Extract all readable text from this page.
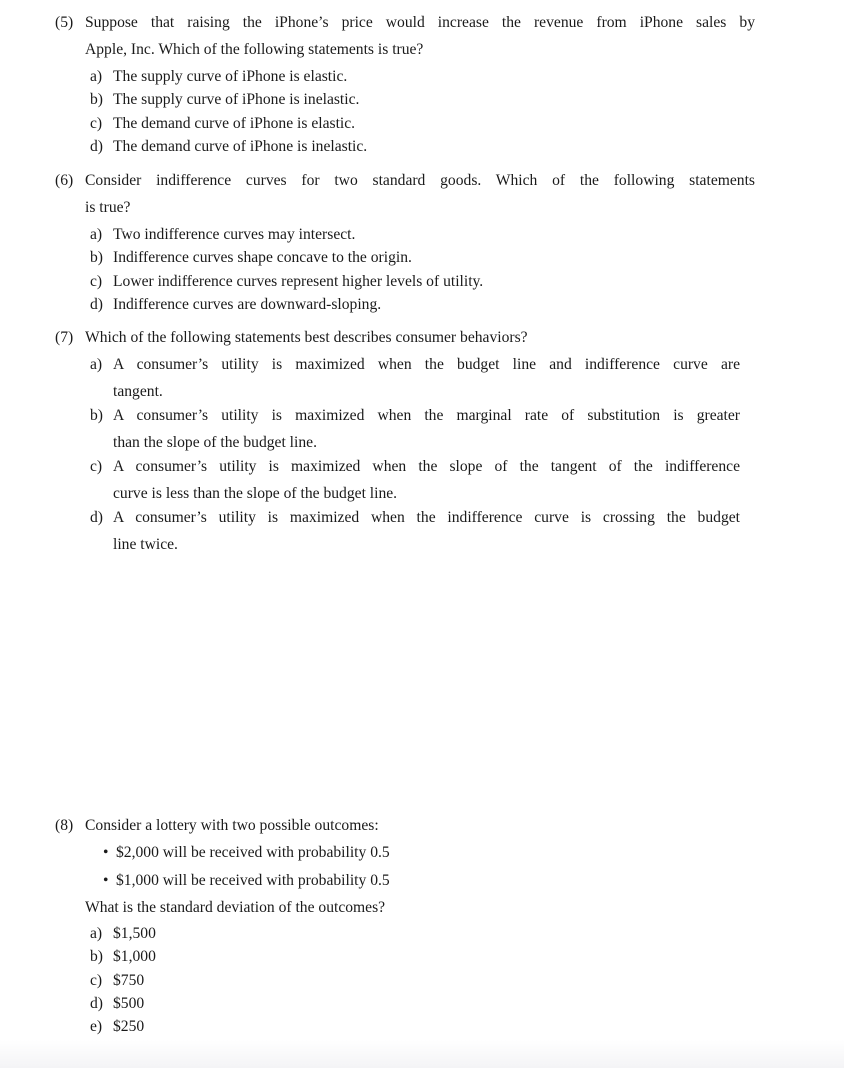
(5) Suppose that raising the iPhone’s price would increase the revenue from iPhone sales by
Apple, Inc. Which of the following statements is true?
a) The supply curve of iPhone is elastic.
b) The supply curve of iPhone is inelastic.
c) The demand curve of iPhone is elastic.
d) The demand curve of iPhone is inelastic.
(6) Consider indifference curves for two standard goods. Which of the following statements
is true?
a) Two indifference curves may intersect.
b) Indifference curves shape concave to the origin.
c) Lower indifference curves represent higher levels of utility.
d) Indifference curves are downward-sloping.
(7) Which of the following statements best describes consumer behaviors?
a) A consumer’s utility is maximized when the budget line and indifference curve are
tangent.
b) A consumer’s utility is maximized when the marginal rate of substitution is greater
than the slope of the budget line.
c) A consumer’s utility is maximized when the slope of the tangent of the indifference
curve is less than the slope of the budget line.
d) A consumer’s utility is maximized when the indifference curve is crossing the budget
line twice.
(8) Consider a lottery with two possible outcomes:
• $2,000 will be received with probability 0.5
• $1,000 will be received with probability 0.5
What is the standard deviation of the outcomes?
a) $1,500
b) $1,000
c) $750
d) $500
e) $250
